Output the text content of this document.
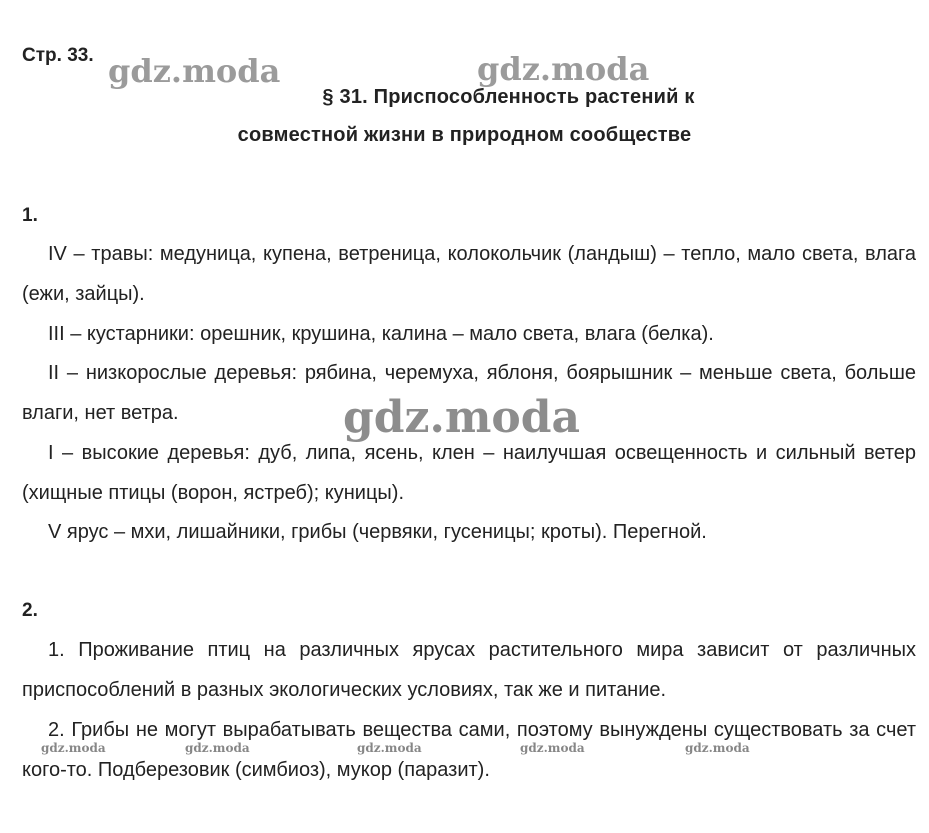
Стр. 33.
§ 31. Приспособленность растений к
совместной жизни в природном сообществе
1.
IV – травы: медуница, купена, ветреница, колокольчик (ландыш) – тепло, мало света, влага (ежи, зайцы).
III – кустарники: орешник, крушина, калина – мало света, влага (белка).
II – низкорослые деревья: рябина, черемуха, яблоня, боярышник – меньше света, больше влаги, нет ветра.
I – высокие деревья: дуб, липа, ясень, клен – наилучшая освещенность и сильный ветер (хищные птицы (ворон, ястреб); куницы).
V ярус – мхи, лишайники, грибы (червяки, гусеницы; кроты). Перегной.
2.
1. Проживание птиц на различных ярусах растительного мира зависит от различных приспособлений в разных экологических условиях, так же и питание.
2. Грибы не могут вырабатывать вещества сами, поэтому вынуждены существовать за счет кого-то. Подберезовик (симбиоз), мукор (паразит).
gdz.moda	gdz.moda
gdz.moda
gdz.moda	gdz.moda	gdz.moda	gdz.moda	gdz.moda
